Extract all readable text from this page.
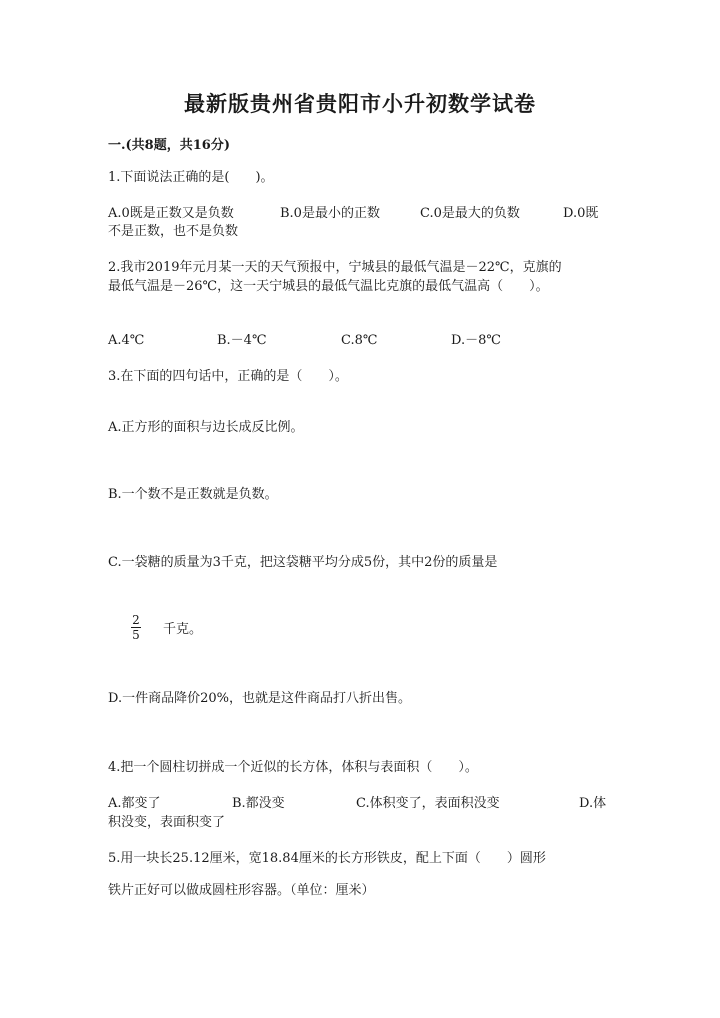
最新版贵州省贵阳市小升初数学试卷
一.(共8题，共16分)
1.下面说法正确的是(　　)。
A.0既是正数又是负数	B.0是最小的正数	C.0是最大的负数	D.0既
不是正数，也不是负数
2.我市2019年元月某一天的天气预报中，宁城县的最低气温是－22℃，克旗的
最低气温是－26℃，这一天宁城县的最低气温比克旗的最低气温高（　　）。
A.4℃	B.－4℃	C.8℃	D.－8℃
3.在下面的四句话中，正确的是（　　）。
A.正方形的面积与边长成反比例。
B.一个数不是正数就是负数。
C.一袋糖的质量为3千克，把这袋糖平均分成5份，其中2份的质量是
2
5 千克。
D.一件商品降价20%，也就是这件商品打八折出售。
4.把一个圆柱切拼成一个近似的长方体，体积与表面积（　　）。
A.都变了	B.都没变	C.体积变了，表面积没变	D.体
积没变，表面积变了
5.用一块长25.12厘米，宽18.84厘米的长方形铁皮，配上下面（　　）圆形
铁片正好可以做成圆柱形容器。（单位：厘米）
